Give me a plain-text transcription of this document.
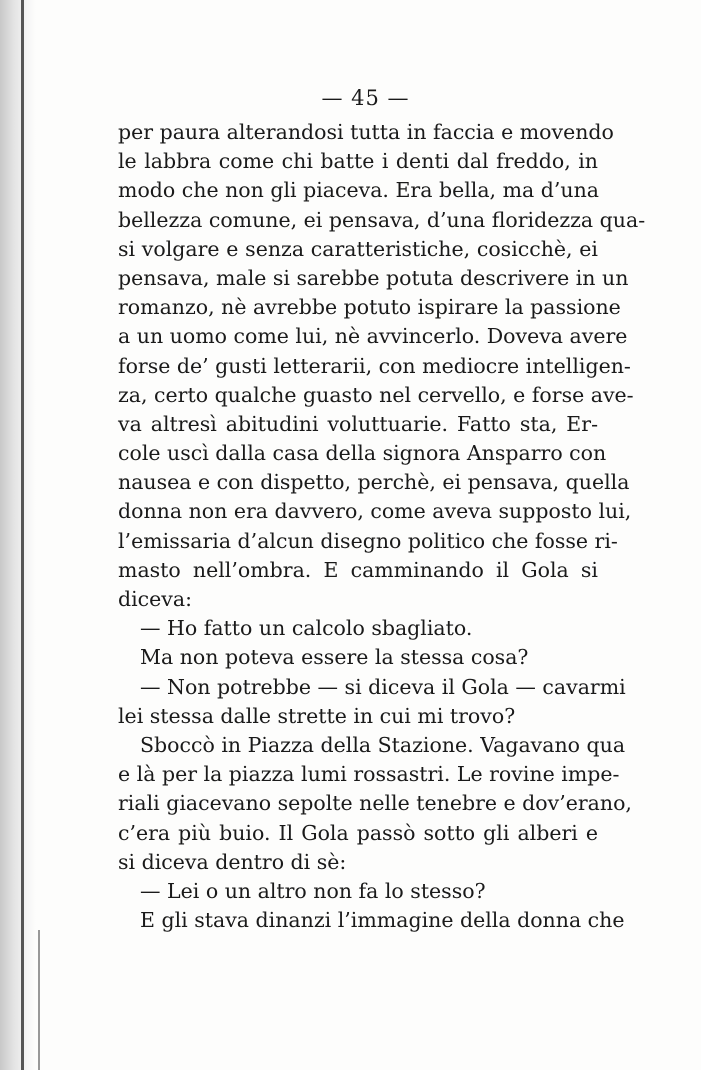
— 45 —
per paura alterandosi tutta in faccia e movendo
le labbra come chi batte i denti dal freddo, in
modo che non gli piaceva. Era bella, ma d’una
bellezza comune, ei pensava, d’una floridezza qua-
si volgare e senza caratteristiche, cosicchè, ei
pensava, male si sarebbe potuta descrivere in un
romanzo, nè avrebbe potuto ispirare la passione
a un uomo come lui, nè avvincerlo. Doveva avere
forse de’ gusti letterarii, con mediocre intelligen-
za, certo qualche guasto nel cervello, e forse ave-
va altresì abitudini voluttuarie. Fatto sta, Er-
cole uscì dalla casa della signora Ansparro con
nausea e con dispetto, perchè, ei pensava, quella
donna non era davvero, come aveva supposto lui,
l’emissaria d’alcun disegno politico che fosse ri-
masto nell’ombra. E camminando il Gola si
diceva:
— Ho fatto un calcolo sbagliato.
Ma non poteva essere la stessa cosa?
— Non potrebbe — si diceva il Gola — cavarmi
lei stessa dalle strette in cui mi trovo?
Sboccò in Piazza della Stazione. Vagavano qua
e là per la piazza lumi rossastri. Le rovine impe-
riali giacevano sepolte nelle tenebre e dov’erano,
c’era più buio. Il Gola passò sotto gli alberi e
si diceva dentro di sè:
— Lei o un altro non fa lo stesso?
E gli stava dinanzi l’immagine della donna che
